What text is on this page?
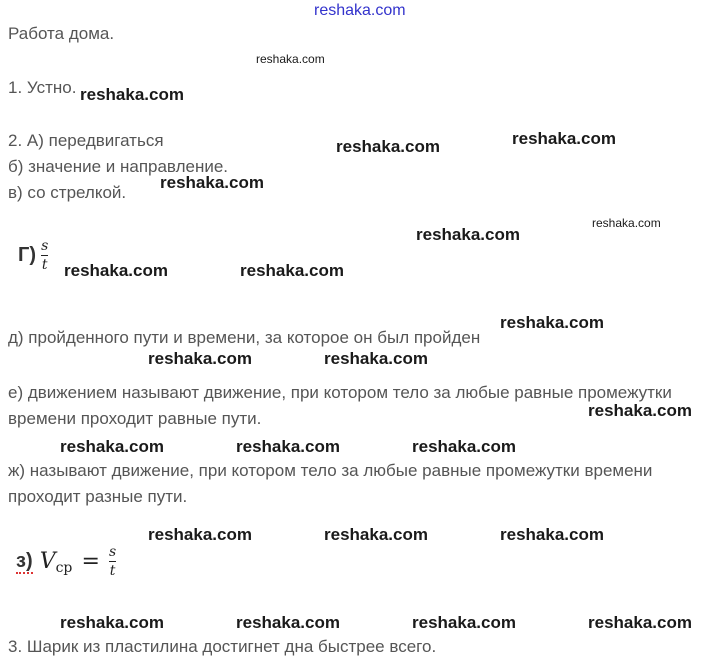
reshaka.com
Работа дома.
1. Устно.
2. А) передвигаться
б) значение и направление.
в) со стрелкой.
$Г) \frac{s}{t}$
д) пройденного пути и времени, за которое он был пройден
е) движением называют движение, при котором тело за любые равные промежутки времени проходит равные пути.
ж) называют движение, при котором тело за любые равные промежутки времени проходит разные пути.
з) Vср = $\frac{s}{t}$
3. Шарик из пластилина достигнет дна быстрее всего.
reshaka.com
reshaka.com
reshaka.com
reshaka.com
reshaka.com
reshaka.com
reshaka.com
reshaka.com	reshaka.com
reshaka.com
reshaka.com	reshaka.com
reshaka.com
reshaka.com	reshaka.com	reshaka.com
reshaka.com	reshaka.com	reshaka.com
reshaka.com	reshaka.com	reshaka.com	reshaka.com
